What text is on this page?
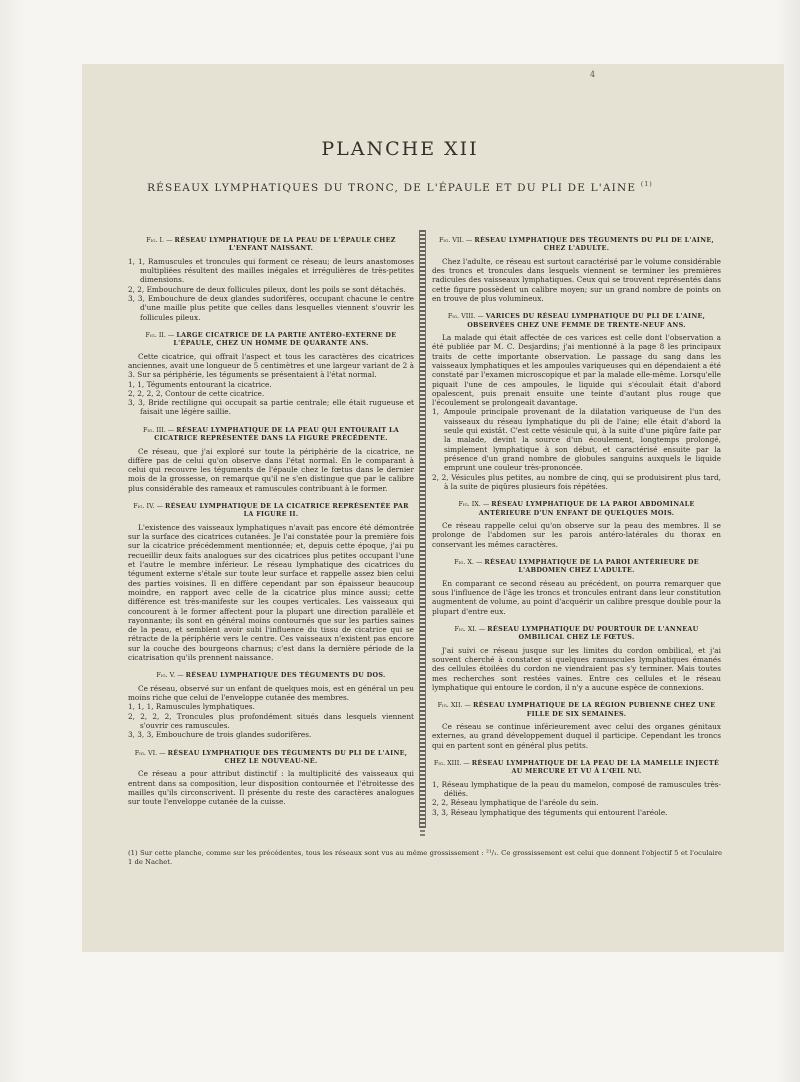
4
PLANCHE XII
RÉSEAUX LYMPHATIQUES DU TRONC, DE L'ÉPAULE ET DU PLI DE L'AINE $^{(1)}$
Fig. I. — RÉSEAU LYMPHATIQUE DE LA PEAU DE L'ÉPAULE CHEZ L'ENFANT NAISSANT.

1, 1, Ramuscules et troncules qui forment ce réseau; de leurs anastomoses multipliées résultent des mailles inégales et irrégulières de très-petites dimensions.

2, 2, Embouchure de deux follicules pileux, dont les poils se sont détachés.

3, 3, Embouchure de deux glandes sudorifères, occupant chacune le centre d'une maille plus petite que celles dans lesquelles viennent s'ouvrir les follicules pileux.

Fig. II. — LARGE CICATRICE DE LA PARTIE ANTÉRO-EXTERNE DE L'ÉPAULE, CHEZ UN HOMME DE QUARANTE ANS.

Cette cicatrice, qui offrait l'aspect et tous les caractères des cicatrices anciennes, avait une longueur de 5 centimètres et une largeur variant de 2 à 3. Sur sa périphérie, les téguments se présentaient à l'état normal.

1, 1, Téguments entourant la cicatrice.

2, 2, 2, 2, Contour de cette cicatrice.

3, 3, Bride rectiligne qui occupait sa partie centrale; elle était rugueuse et faisait une légère saillie.

Fig. III. — RÉSEAU LYMPHATIQUE DE LA PEAU QUI ENTOURAIT LA CICATRICE REPRÉSENTÉE DANS LA FIGURE PRÉCÉDENTE.

Ce réseau, que j'ai exploré sur toute la périphérie de la cicatrice, ne diffère pas de celui qu'on observe dans l'état normal. En le comparant à celui qui recouvre les téguments de l'épaule chez le fœtus dans le dernier mois de la grossesse, on remarque qu'il ne s'en distingue que par le calibre plus considérable des rameaux et ramuscules contribuant à le former.

Fig. IV. — RÉSEAU LYMPHATIQUE DE LA CICATRICE REPRÉSENTÉE PAR LA FIGURE II.

L'existence des vaisseaux lymphatiques n'avait pas encore été démontrée sur la surface des cicatrices cutanées. Je l'ai constatée pour la première fois sur la cicatrice précédemment mentionnée; et, depuis cette époque, j'ai pu recueillir deux faits analogues sur des cicatrices plus petites occupant l'une et l'autre le membre inférieur. Le réseau lymphatique des cicatrices du tégument externe s'étale sur toute leur surface et rappelle assez bien celui des parties voisines. Il en diffère cependant par son épaisseur beaucoup moindre, en rapport avec celle de la cicatrice plus mince aussi; cette différence est très-manifeste sur les coupes verticales. Les vaisseaux qui concourent à le former affectent pour la plupart une direction parallèle et rayonnante; ils sont en général moins contournés que sur les parties saines de la peau, et semblent avoir subi l'influence du tissu de cicatrice qui se rétracte de la périphérie vers le centre. Ces vaisseaux n'existent pas encore sur la couche des bourgeons charnus; c'est dans la dernière période de la cicatrisation qu'ils prennent naissance.

Fig. V. — RÉSEAU LYMPHATIQUE DES TÉGUMENTS DU DOS.

Ce réseau, observé sur un enfant de quelques mois, est en général un peu moins riche que celui de l'enveloppe cutanée des membres.

1, 1, 1, Ramuscules lymphatiques.

2, 2, 2, 2, Troncules plus profondément situés dans lesquels viennent s'ouvrir ces ramuscules.

3, 3, 3, Embouchure de trois glandes sudorifères.

Fig. VI. — RÉSEAU LYMPHATIQUE DES TÉGUMENTS DU PLI DE L'AINE, CHEZ LE NOUVEAU-NÉ.

Ce réseau a pour attribut distinctif : la multiplicité des vaisseaux qui entrent dans sa composition, leur disposition contournée et l'étroitesse des mailles qu'ils circonscrivent. Il présente du reste des caractères analogues sur toute l'enveloppe cutanée de la cuisse.

Fig. VII. — RÉSEAU LYMPHATIQUE DES TÉGUMENTS DU PLI DE L'AINE, CHEZ L'ADULTE.

Chez l'adulte, ce réseau est surtout caractérisé par le volume considérable des troncs et troncules dans lesquels viennent se terminer les premières radicules des vaisseaux lymphatiques. Ceux qui se trouvent représentés dans cette figure possèdent un calibre moyen; sur un grand nombre de points on en trouve de plus volumineux.

Fig. VIII. — VARICES DU RÉSEAU LYMPHATIQUE DU PLI DE L'AINE, OBSERVÉES CHEZ UNE FEMME DE TRENTE-NEUF ANS.

La malade qui était affectée de ces varices est celle dont l'observation a été publiée par M. C. Desjardins; j'ai mentionné à la page 8 les principaux traits de cette importante observation. Le passage du sang dans les vaisseaux lymphatiques et les ampoules variqueuses qui en dépendaient a été constaté par l'examen microscopique et par la malade elle-même. Lorsqu'elle piquait l'une de ces ampoules, le liquide qui s'écoulait était d'abord opalescent, puis prenait ensuite une teinte d'autant plus rouge que l'écoulement se prolongeait davantage.

1, Ampoule principale provenant de la dilatation variqueuse de l'un des vaisseaux du réseau lymphatique du pli de l'aine; elle était d'abord la seule qui existât. C'est cette vésicule qui, à la suite d'une piqûre faite par la malade, devint la source d'un écoulement, longtemps prolongé, simplement lymphatique à son début, et caractérisé ensuite par la présence d'un grand nombre de globules sanguins auxquels le liquide emprunt une couleur très-prononcée.

2, 2, Vésicules plus petites, au nombre de cinq, qui se produisirent plus tard, à la suite de piqûres plusieurs fois répétées.

Fig. IX. — RÉSEAU LYMPHATIQUE DE LA PAROI ABDOMINALE ANTÉRIEURE D'UN ENFANT DE QUELQUES MOIS.

Ce réseau rappelle celui qu'on observe sur la peau des membres. Il se prolonge de l'abdomen sur les parois antéro-latérales du thorax en conservant les mêmes caractères.

Fig. X. — RÉSEAU LYMPHATIQUE DE LA PAROI ANTÉRIEURE DE L'ABDOMEN CHEZ L'ADULTE.

En comparant ce second réseau au précédent, on pourra remarquer que sous l'influence de l'âge les troncs et troncules entrant dans leur constitution augmentent de volume, au point d'acquérir un calibre presque double pour la plupart d'entre eux.

Fig. XI. — RÉSEAU LYMPHATIQUE DU POURTOUR DE L'ANNEAU OMBILICAL CHEZ LE FŒTUS.

J'ai suivi ce réseau jusque sur les limites du cordon ombilical, et j'ai souvent cherché à constater si quelques ramuscules lymphatiques émanés des cellules étoilées du cordon ne viendraient pas s'y terminer. Mais toutes mes recherches sont restées vaines. Entre ces cellules et le réseau lymphatique qui entoure le cordon, il n'y a aucune espèce de connexions.

Fig. XII. — RÉSEAU LYMPHATIQUE DE LA RÉGION PUBIENNE CHEZ UNE FILLE DE SIX SEMAINES.

Ce réseau se continue inférieurement avec celui des organes génitaux externes, au grand développement duquel il participe. Cependant les troncs qui en partent sont en général plus petits.

Fig. XIII. — RÉSEAU LYMPHATIQUE DE LA PEAU DE LA MAMELLE INJECTÉ AU MERCURE ET VU À L'ŒIL NU.

1, Réseau lymphatique de la peau du mamelon, composé de ramuscules très-déliés.

2, 2, Réseau lymphatique de l'aréole du sein.

3, 3, Réseau lymphatique des téguments qui entourent l'aréole.

(1) Sur cette planche, comme sur les précédentes, tous les réseaux sont vus au même grossissement : ²¹/₁. Ce grossissement est celui que donnent l'objectif 5 et l'oculaire 1 de Nachet.
